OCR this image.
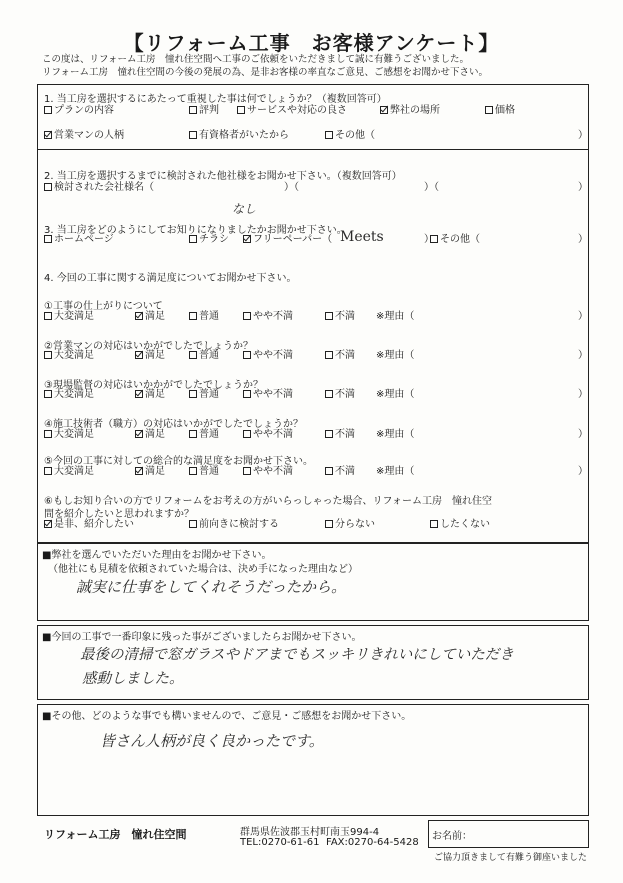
【リフォーム工事　お客様アンケート】
この度は、リフォーム工房　憧れ住空間へ工事のご依頼をいただきまして誠に有難うございました。
リフォーム工房　憧れ住空間の今後の発展の為、是非お客様の率直なご意見、ご感想をお聞かせ下さい。
1. 当工房を選択するにあたって重視した事は何でしょうか？（複数回答可）
プランの内容	評判	サービスや対応の良さ	弊社の場所	価格
営業マンの人柄	有資格者がいたから	その他（	）
2. 当工房を選択するまでに検討された他社様をお聞かせ下さい。（複数回答可）
検討された会社様名（	）（	）（	）
なし
3. 当工房をどのようにしてお知りになりましたかお聞かせ下さい。
ホームページ	チラシ	フリーペーパー（	） その他（	）
Meets
4. 今回の工事に関する満足度についてお聞かせ下さい。
①工事の仕上がりについて
大変満足	満足	普通	やや不満	不満 ※理由（	）
②営業マンの対応はいかがでしたでしょうか？
大変満足	満足	普通	やや不満	不満 ※理由（	）
③現場監督の対応はいかかがでしたでしょうか？
大変満足	満足	普通	やや不満	不満 ※理由（	）
④施工技術者（職方）の対応はいかがでしたでしょうか？
大変満足	満足	普通	やや不満	不満 ※理由（	）
⑤今回の工事に対しての総合的な満足度をお聞かせ下さい。
大変満足	満足	普通	やや不満	不満 ※理由（	）
⑥もしお知り合いの方でリフォームをお考えの方がいらっしゃった場合、リフォーム工房　憧れ住空
間を紹介したいと思われますか？
是非、紹介したい	前向きに検討する	分らない	したくない
■弊社を選んでいただいた理由をお聞かせ下さい。
（他社にも見積を依頼されていた場合は、決め手になった理由など）
誠実に仕事をしてくれそうだったから。
■今回の工事で一番印象に残った事がございましたらお聞かせ下さい。
最後の清掃で窓ガラスやドアまでもスッキリきれいにしていただき
感動しました。
■その他、どのような事でも構いませんので、ご意見・ご感想をお聞かせ下さい。
皆さん人柄が良く良かったです。
リフォーム工房　憧れ住空間	群馬県佐波郡玉村町南玉994-4
TEL:0270-61-61 FAX:0270-64-5428
お名前：
ご協力頂きまして有難う御座いました
